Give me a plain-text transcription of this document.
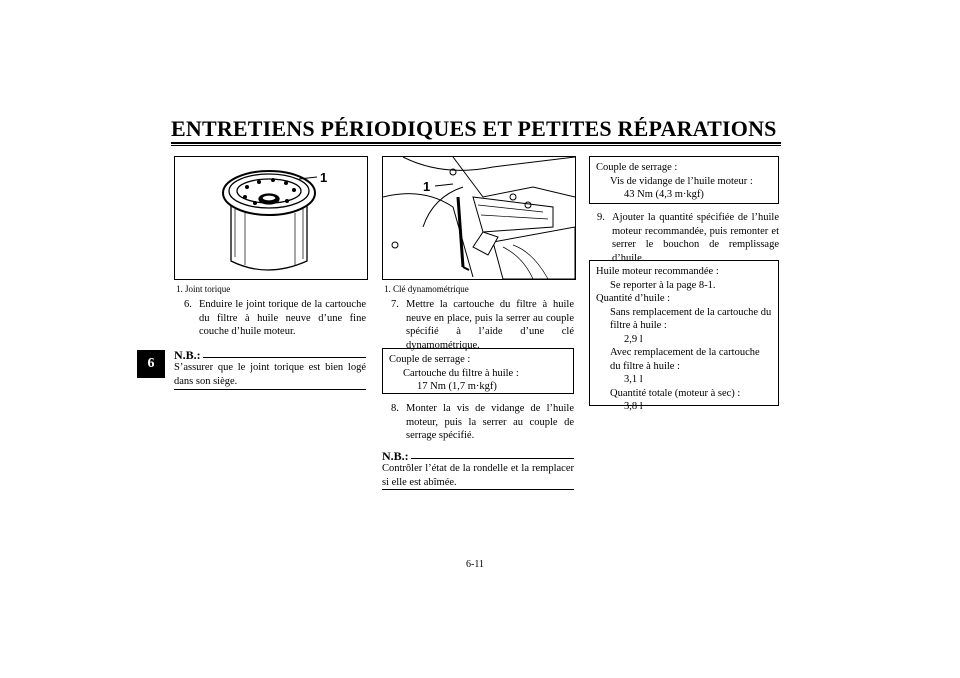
ENTRETIENS PÉRIODIQUES ET PETITES RÉPARATIONS
6
1
1. Joint torique
6. Enduire le joint torique de la cartouche du filtre à huile neuve d’une fine couche d’huile moteur.
N.B.:
S’assurer que le joint torique est bien logé dans son siège.
1
1. Clé dynamométrique
7. Mettre la cartouche du filtre à huile neuve en place, puis la serrer au couple spécifié à l’aide d’une clé dynamométrique.
Couple de serrage :
Cartouche du filtre à huile :
17 Nm (1,7 m·kgf)
8. Monter la vis de vidange de l’huile moteur, puis la serrer au couple de serrage spécifié.
N.B.:
Contrôler l’état de la rondelle et la remplacer si elle est abîmée.
Couple de serrage :
Vis de vidange de l’huile moteur :
43 Nm (4,3 m·kgf)
9. Ajouter la quantité spécifiée de l’huile moteur recommandée, puis remonter et serrer le bouchon de remplissage d’huile.
Huile moteur recommandée :
Se reporter à la page 8-1.
Quantité d’huile :
Sans remplacement de la cartouche du filtre à huile :
2,9 l
Avec remplacement de la cartouche du filtre à huile :
3,1 l
Quantité totale (moteur à sec) :
3,8 l
6-11
